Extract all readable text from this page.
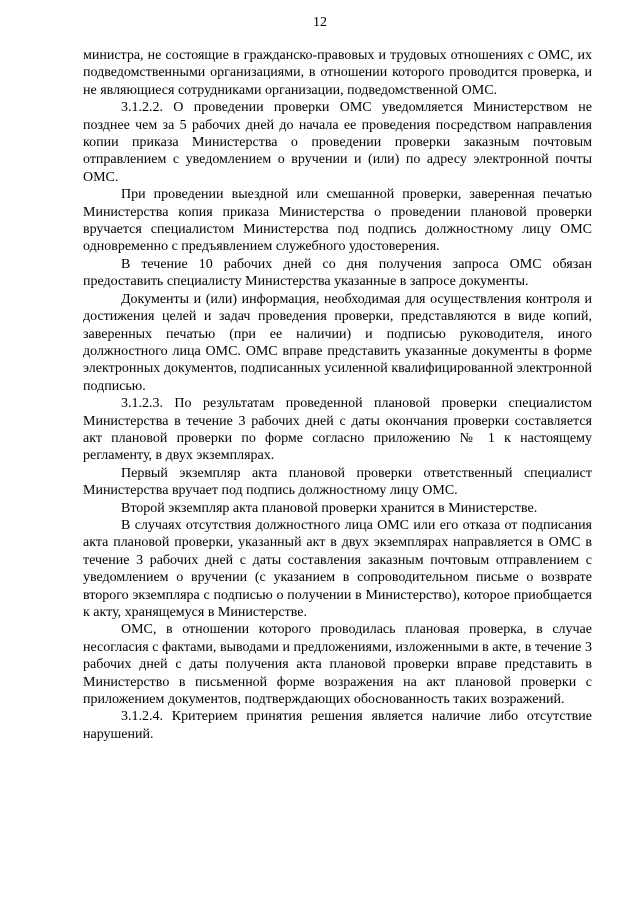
12

министра, не состоящие в гражданско-правовых и трудовых отношениях с ОМС, их подведомственными организациями, в отношении которого проводится проверка, и не являющиеся сотрудниками организации, подведомственной ОМС.

3.1.2.2. О проведении проверки ОМС уведомляется Министерством не позднее чем за 5 рабочих дней до начала ее проведения посредством направления копии приказа Министерства о проведении проверки заказным почтовым отправлением с уведомлением о вручении и (или) по адресу электронной почты ОМС.

При проведении выездной или смешанной проверки, заверенная печатью Министерства копия приказа Министерства о проведении плановой проверки вручается специалистом Министерства под подпись должностному лицу ОМС одновременно с предъявлением служебного удостоверения.

В течение 10 рабочих дней со дня получения запроса ОМС обязан предоставить специалисту Министерства указанные в запросе документы.

Документы и (или) информация, необходимая для осуществления контроля и достижения целей и задач проведения проверки, представляются в виде копий, заверенных печатью (при ее наличии) и подписью руководителя, иного должностного лица ОМС. ОМС вправе представить указанные документы в форме электронных документов, подписанных усиленной квалифицированной электронной подписью.

3.1.2.3. По результатам проведенной плановой проверки специалистом Министерства в течение 3 рабочих дней с даты окончания проверки составляется акт плановой проверки по форме согласно приложению № 1 к настоящему регламенту, в двух экземплярах.

Первый экземпляр акта плановой проверки ответственный специалист Министерства вручает под подпись должностному лицу ОМС.

Второй экземпляр акта плановой проверки хранится в Министерстве.

В случаях отсутствия должностного лица ОМС или его отказа от подписания акта плановой проверки, указанный акт в двух экземплярах направляется в ОМС в течение 3 рабочих дней с даты составления заказным почтовым отправлением с уведомлением о вручении (с указанием в сопроводительном письме о возврате второго экземпляра с подписью о получении в Министерство), которое приобщается к акту, хранящемуся в Министерстве.

ОМС, в отношении которого проводилась плановая проверка, в случае несогласия с фактами, выводами и предложениями, изложенными в акте, в течение 3 рабочих дней с даты получения акта плановой проверки вправе представить в Министерство в письменной форме возражения на акт плановой проверки с приложением документов, подтверждающих обоснованность таких возражений.

3.1.2.4. Критерием принятия решения является наличие либо отсутствие нарушений.
